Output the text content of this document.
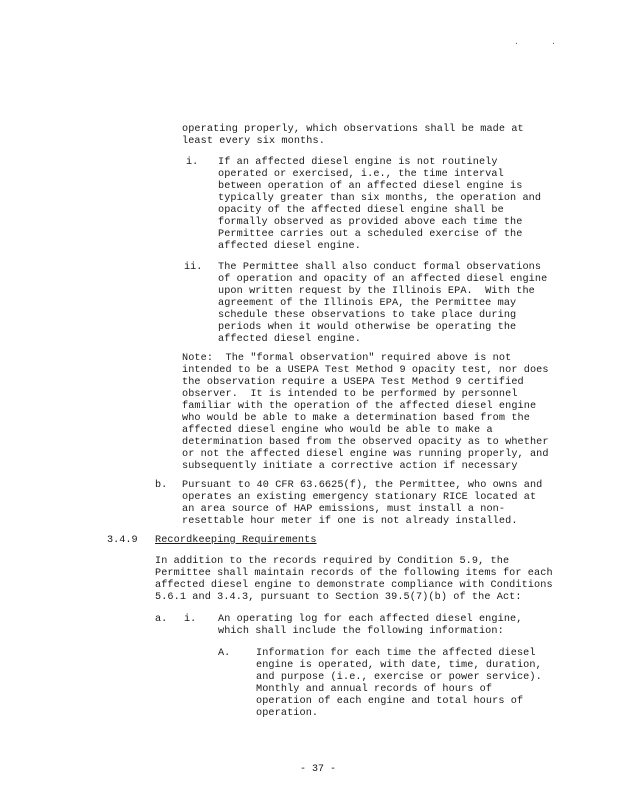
.	.
operating properly, which observations shall be made at
least every six months.
i. If an affected diesel engine is not routinely
operated or exercised, i.e., the time interval
between operation of an affected diesel engine is
typically greater than six months, the operation and
opacity of the affected diesel engine shall be
formally observed as provided above each time the
Permittee carries out a scheduled exercise of the
affected diesel engine.
ii. The Permittee shall also conduct formal observations
of operation and opacity of an affected diesel engine
upon written request by the Illinois EPA.  With the
agreement of the Illinois EPA, the Permittee may
schedule these observations to take place during
periods when it would otherwise be operating the
affected diesel engine.
Note:  The "formal observation" required above is not
intended to be a USEPA Test Method 9 opacity test, nor does
the observation require a USEPA Test Method 9 certified
observer.  It is intended to be performed by personnel
familiar with the operation of the affected diesel engine
who would be able to make a determination based from the
affected diesel engine who would be able to make a
determination based from the observed opacity as to whether
or not the affected diesel engine was running properly, and
subsequently initiate a corrective action if necessary
b. Pursuant to 40 CFR 63.6625(f), the Permittee, who owns and
operates an existing emergency stationary RICE located at
an area source of HAP emissions, must install a non-
resettable hour meter if one is not already installed.
3.4.9 Recordkeeping Requirements
In addition to the records required by Condition 5.9, the
Permittee shall maintain records of the following items for each
affected diesel engine to demonstrate compliance with Conditions
5.6.1 and 3.4.3, pursuant to Section 39.5(7)(b) of the Act:
a. i. An operating log for each affected diesel engine,
which shall include the following information:
A.	Information for each time the affected diesel
engine is operated, with date, time, duration,
and purpose (i.e., exercise or power service).
Monthly and annual records of hours of
operation of each engine and total hours of
operation.
- 37 -
